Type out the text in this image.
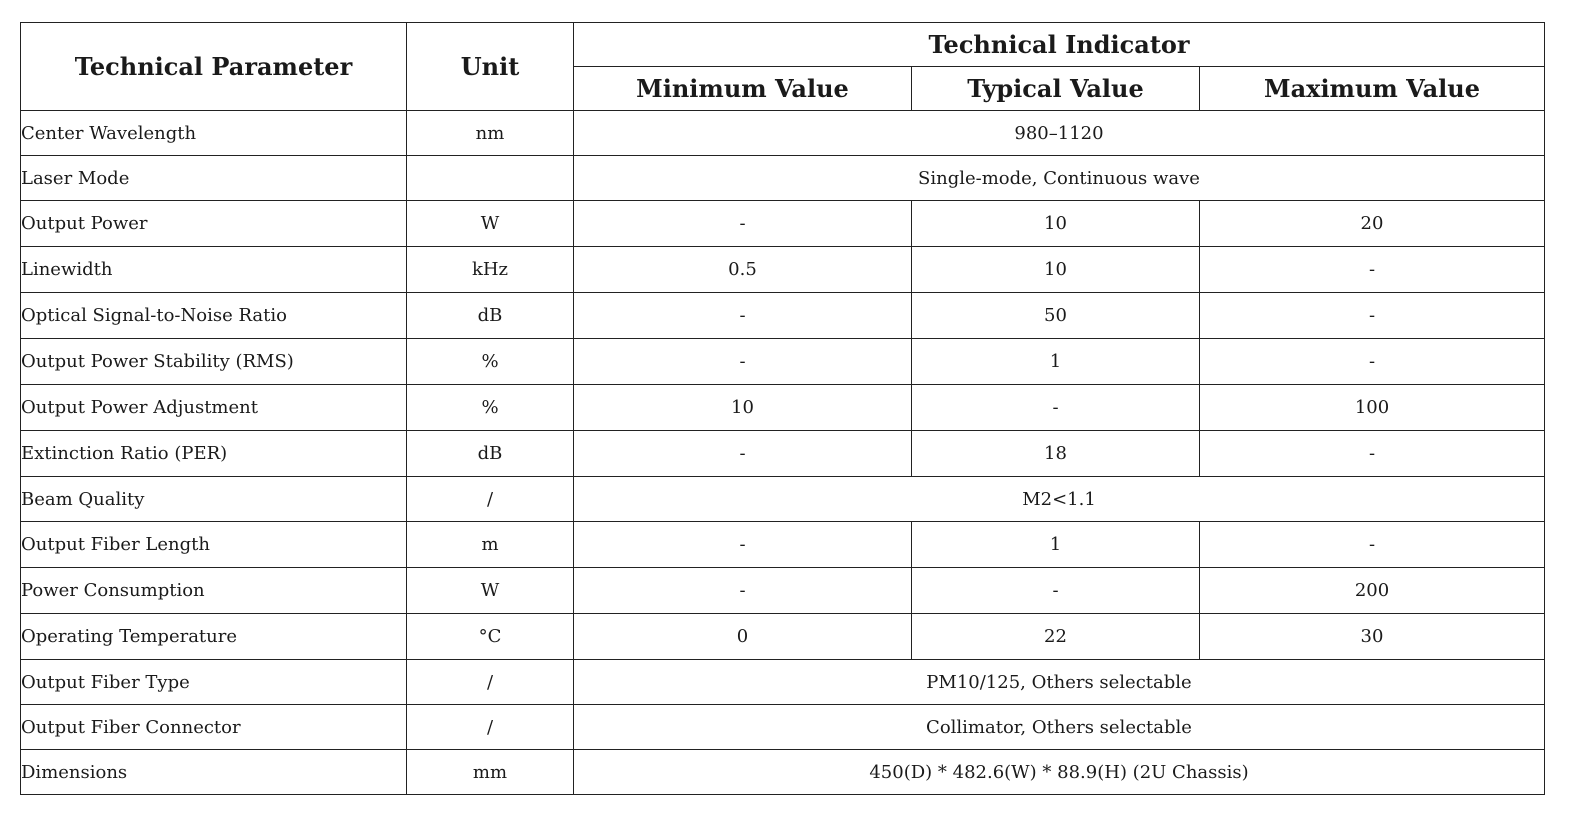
Technical Parameter	Unit	Technical Indicator		
		Minimum Value	Typical Value	Maximum Value
Center Wavelength	nm	980–1120		
Laser Mode		Single-mode, Continuous wave		
Output Power	W	-	10	20
Linewidth	kHz	0.5	10	-
Optical Signal-to-Noise Ratio	dB	-	50	-
Output Power Stability (RMS)	%	-	1	-
Output Power Adjustment	%	10	-	100
Extinction Ratio (PER)	dB	-	18	-
Beam Quality	/	M2<1.1		
Output Fiber Length	m	-	1	-
Power Consumption	W	-	-	200
Operating Temperature	°C	0	22	30
Output Fiber Type	/	PM10/125, Others selectable		
Output Fiber Connector	/	Collimator, Others selectable		
Dimensions	mm	450(D) * 482.6(W) * 88.9(H) (2U Chassis)		
